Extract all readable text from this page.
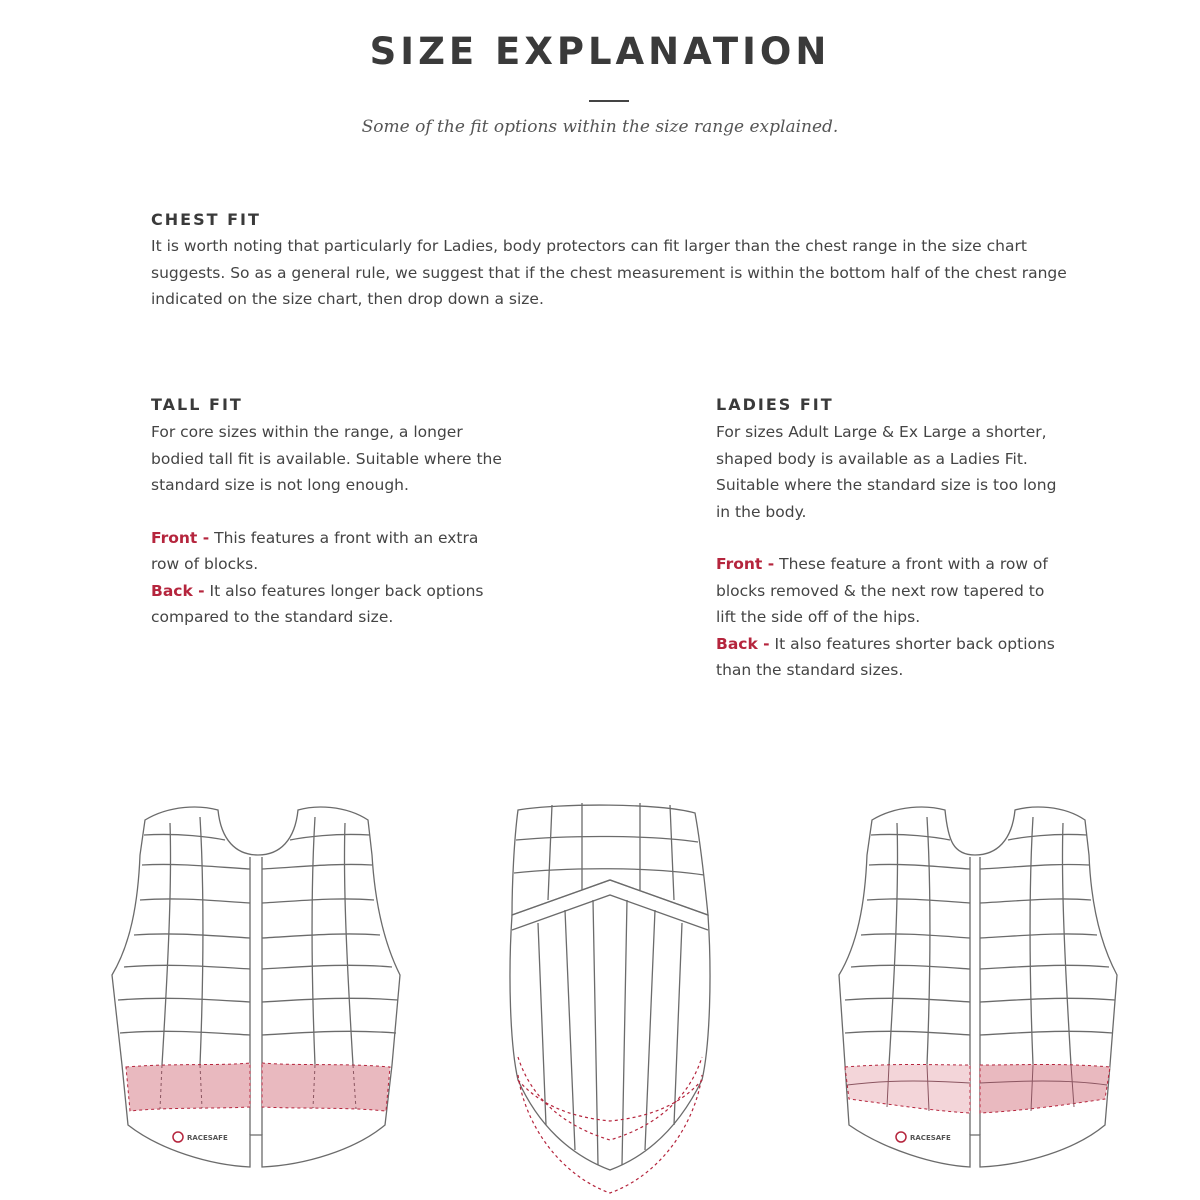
SIZE EXPLANATION
Some of the fit options within the size range explained.
CHEST FIT

It is worth noting that particularly for Ladies, body protectors can fit larger than the chest range in the size chart suggests. So as a general rule, we suggest that if the chest measurement is within the bottom half of the chest range indicated on the size chart, then drop down a size.

TALL FIT

For core sizes within the range, a longer bodied tall fit is available. Suitable where the standard size is not long enough.

Front - This features a front with an extra row of blocks.

Back - It also features longer back options compared to the standard size.

LADIES FIT

For sizes Adult Large & Ex Large a shorter, shaped body is available as a Ladies Fit. Suitable where the standard size is too long in the body.

Front - These feature a front with a row of blocks removed & the next row tapered to lift the side off of the hips.

Back - It also features shorter back options than the standard sizes.

RACESAFE	RACESAFE
